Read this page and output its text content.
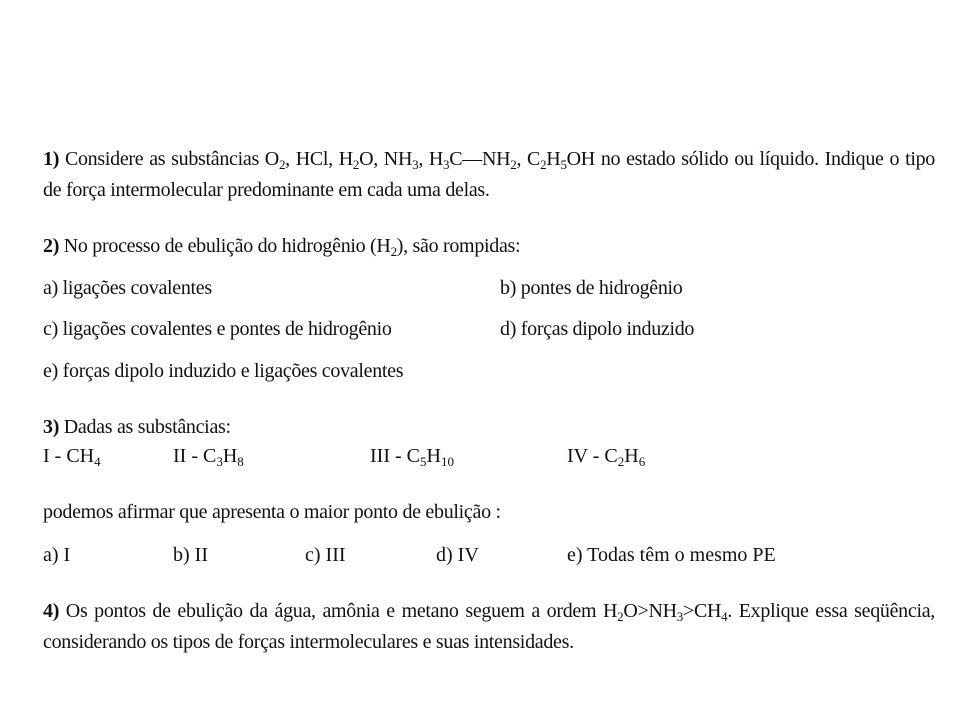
1) Considere as substâncias $O_2$, HCl, $H_2O$, $NH_3$, $H_3C—NH_2$, $C_2H_5OH$ no estado sólido ou líquido. Indique o tipo de força intermolecular predominante em cada uma delas.
2) No processo de ebulição do hidrogênio $(H_2)$, são rompidas:
a) ligações covalentes	b) pontes de hidrogênio
c) ligações covalentes e pontes de hidrogênio	d) forças dipolo induzido
e) forças dipolo induzido e ligações covalentes
3) Dadas as substâncias:
I - $CH_4$	II - $C_3H_8$	III - $C_5H_{10}$	IV - $C_2H_6$
podemos afirmar que apresenta o maior ponto de ebulição :
a) I	b) II	c) III	d) IV	e) Todas têm o mesmo PE
4) Os pontos de ebulição da água, amônia e metano seguem a ordem $H_2O>NH_3>CH_4$. Explique essa seqüência, considerando os tipos de forças intermoleculares e suas intensidades.
